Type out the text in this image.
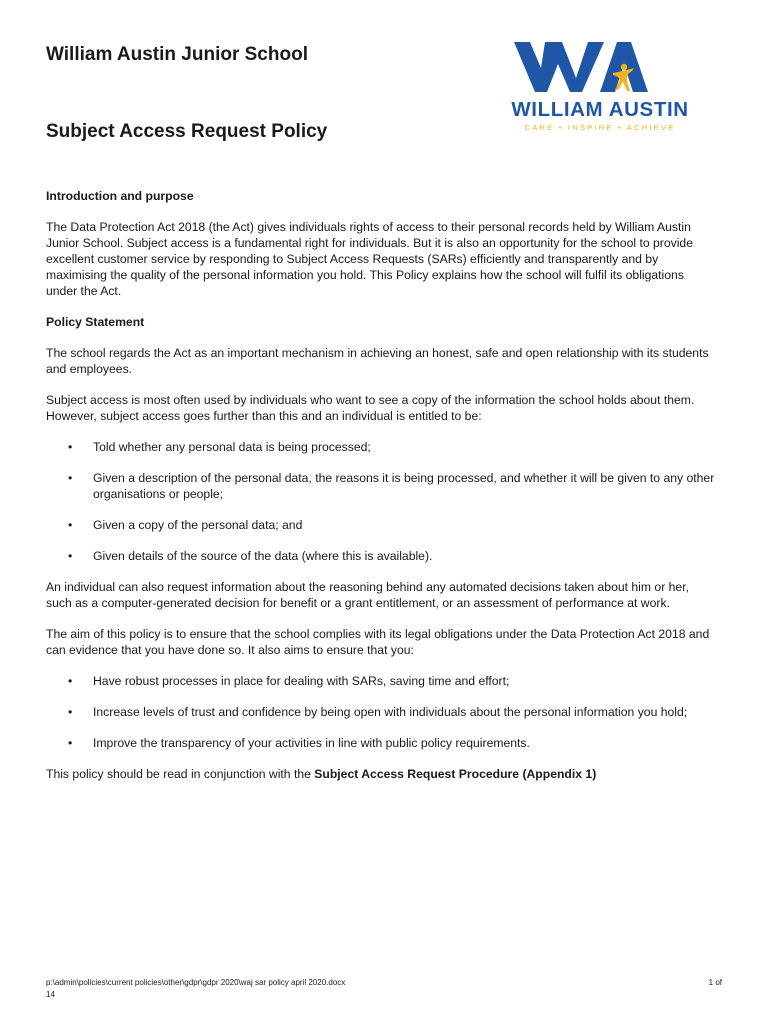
William Austin Junior School
Subject Access Request Policy
WILLIAM AUSTIN
CARE • INSPIRE • ACHIEVE
Introduction and purpose

The Data Protection Act 2018 (the Act) gives individuals rights of access to their personal records held by William Austin Junior School. Subject access is a fundamental right for individuals. But it is also an opportunity for the school to provide excellent customer service by responding to Subject Access Requests (SARs) efficiently and transparently and by maximising the quality of the personal information you hold. This Policy explains how the school will fulfil its obligations under the Act.

Policy Statement

The school regards the Act as an important mechanism in achieving an honest, safe and open relationship with its students and employees.

Subject access is most often used by individuals who want to see a copy of the information the school holds about them. However, subject access goes further than this and an individual is entitled to be:

• Told whether any personal data is being processed;
• Given a description of the personal data, the reasons it is being processed, and whether it will be given to any other organisations or people;
• Given a copy of the personal data; and
• Given details of the source of the data (where this is available).

An individual can also request information about the reasoning behind any automated decisions taken about him or her, such as a computer-generated decision for benefit or a grant entitlement, or an assessment of performance at work.

The aim of this policy is to ensure that the school complies with its legal obligations under the Data Protection Act 2018 and can evidence that you have done so. It also aims to ensure that you:

• Have robust processes in place for dealing with SARs, saving time and effort;
• Increase levels of trust and confidence by being open with individuals about the personal information you hold;
• Improve the transparency of your activities in line with public policy requirements.

This policy should be read in conjunction with the Subject Access Request Procedure (Appendix 1)

p:\admin\policies\current policies\other\gdpr\gdpr 2020\waj sar policy april 2020.docx
14
1 of
